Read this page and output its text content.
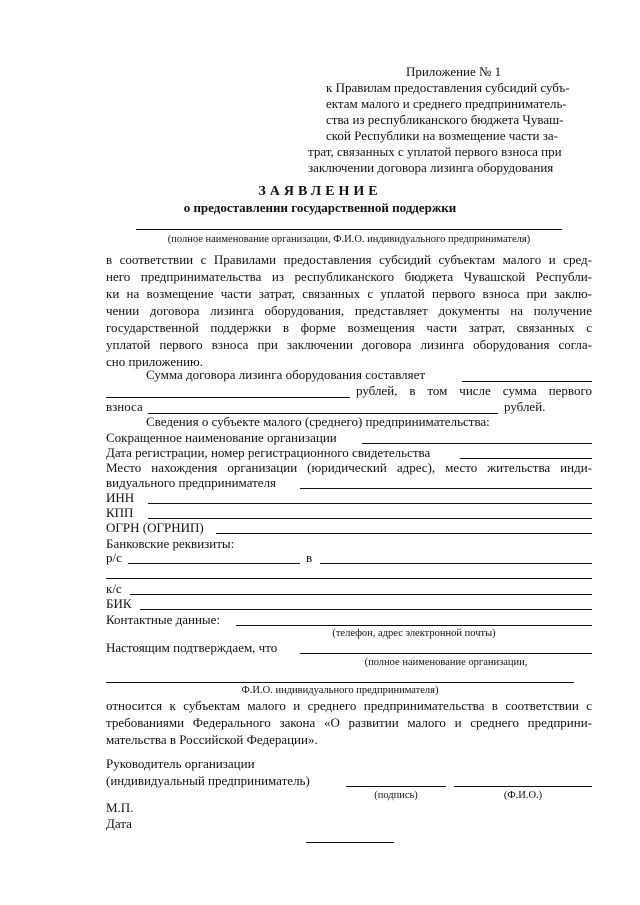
Приложение № 1
к Правилам предоставления субсидий субъ-
ектам малого и среднего предприниматель-
ства из республиканского бюджета Чуваш-
ской Республики на возмещение части за-
трат, связанных с уплатой первого взноса при
заключении договора лизинга оборудования
ЗАЯВЛЕНИЕ
о предоставлении государственной поддержки
(полное наименование организации, Ф.И.О. индивидуального предпринимателя)
в соответствии с Правилами предоставления субсидий субъектам малого и сред-
него предпринимательства из республиканского бюджета Чувашской Республи-
ки на возмещение части затрат, связанных с уплатой первого взноса при заклю-
чении договора лизинга оборудования, представляет документы на получение
государственной поддержки в форме возмещения части затрат, связанных с
уплатой первого взноса при заключении договора лизинга оборудования согла-
сно приложению.
Сумма договора лизинга оборудования составляет
рублей, в том числе сумма первого
взноса	рублей.
Сведения о субъекте малого (среднего) предпринимательства:
Сокращенное наименование организации
Дата регистрации, номер регистрационного свидетельства
Место нахождения организации (юридический адрес), место жительства инди-
видуального предпринимателя
ИНН
КПП
ОГРН (ОГРНИП)
Банковские реквизиты:
р/с	в
к/с
БИК
Контактные данные:
(телефон, адрес электронной почты)
Настоящим подтверждаем, что
(полное наименование организации,
Ф.И.О. индивидуального предпринимателя)
относится к субъектам малого и среднего предпринимательства в соответствии с
требованиями Федерального закона «О развитии малого и среднего предприни-
мательства в Российской Федерации».
Руководитель организации
(индивидуальный предприниматель)
(подпись)	(Ф.И.О.)
М.П.
Дата
